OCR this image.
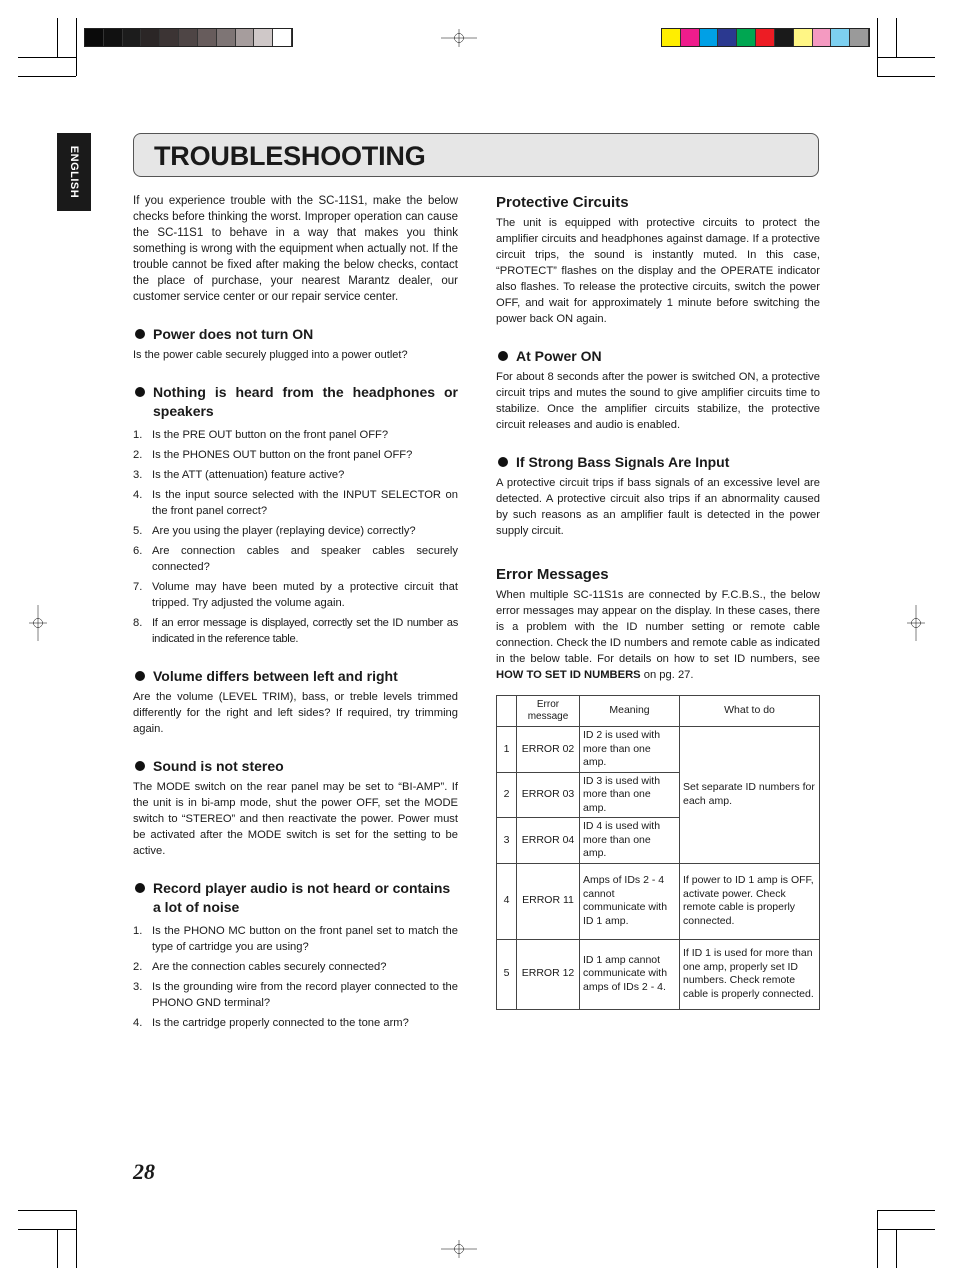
ENGLISH	TROUBLESHOOTING

If you experience trouble with the SC-11S1, make the below checks before thinking the worst. Improper operation can cause the SC-11S1 to behave in a way that makes you think something is wrong with the equipment when actually not. If the trouble cannot be fixed after making the below checks, contact the place of purchase, your nearest Marantz dealer, our customer service center or our repair service center.

Power does not turn ON

Is the power cable securely plugged into a power outlet?

Nothing is heard from the headphones or speakers
1. Is the PRE OUT button on the front panel OFF?
2. Is the PHONES OUT button on the front panel OFF?
3. Is the ATT (attenuation) feature active?
4. Is the input source selected with the INPUT SELECTOR on the front panel correct?
5. Are you using the player (replaying device) correctly?
6. Are connection cables and speaker cables securely connected?
7. Volume may have been muted by a protective circuit that tripped. Try adjusted the volume again.
8. If an error message is displayed, correctly set the ID number as indicated in the reference table.
Volume differs between left and right

Are the volume (LEVEL TRIM), bass, or treble levels trimmed differently for the right and left sides? If required, try trimming again.

Sound is not stereo

The MODE switch on the rear panel may be set to “BI-AMP”. If the unit is in bi-amp mode, shut the power OFF, set the MODE switch to “STEREO” and then reactivate the power. Power must be activated after the MODE switch is set for the setting to be active.

Record player audio is not heard or contains a lot of noise
1. Is the PHONO MC button on the front panel set to match the type of cartridge you are using?
2. Are the connection cables securely connected?
3. Is the grounding wire from the record player connected to the PHONO GND terminal?
4. Is the cartridge properly connected to the tone arm?
Protective Circuits

The unit is equipped with protective circuits to protect the amplifier circuits and headphones against damage. If a protective circuit trips, the sound is instantly muted. In this case, “PROTECT” flashes on the display and the OPERATE indicator also flashes. To release the protective circuits, switch the power OFF, and wait for approximately 1 minute before switching the power back ON again.

At Power ON

For about 8 seconds after the power is switched ON, a protective circuit trips and mutes the sound to give amplifier circuits time to stabilize. Once the amplifier circuits stabilize, the protective circuit releases and audio is enabled.

If Strong Bass Signals Are Input

A protective circuit trips if bass signals of an excessive level are detected. A protective circuit also trips if an abnormality caused by such reasons as an amplifier fault is detected in the power supply circuit.

Error Messages

When multiple SC-11S1s are connected by F.C.B.S., the below error messages may appear on the display. In these cases, there is a problem with the ID number setting or remote cable connection. Check the ID numbers and remote cable as indicated in the below table. For details on how to set ID numbers, see HOW TO SET ID NUMBERS on pg. 27.

	Error message	Meaning	What to do
1	ERROR 02	ID 2 is used with more than one amp.	Set separate ID numbers for each amp.
2	ERROR 03	ID 3 is used with more than one amp.	
3	ERROR 04	ID 4 is used with more than one amp.	
4	ERROR 11	Amps of IDs 2 - 4 cannot communicate with ID 1 amp.	If power to ID 1 amp is OFF, activate power. Check remote cable is properly connected.
5	ERROR 12	ID 1 amp cannot communicate with amps of IDs 2 - 4.	If ID 1 is used for more than one amp, properly set ID numbers. Check remote cable is properly connected.
28
